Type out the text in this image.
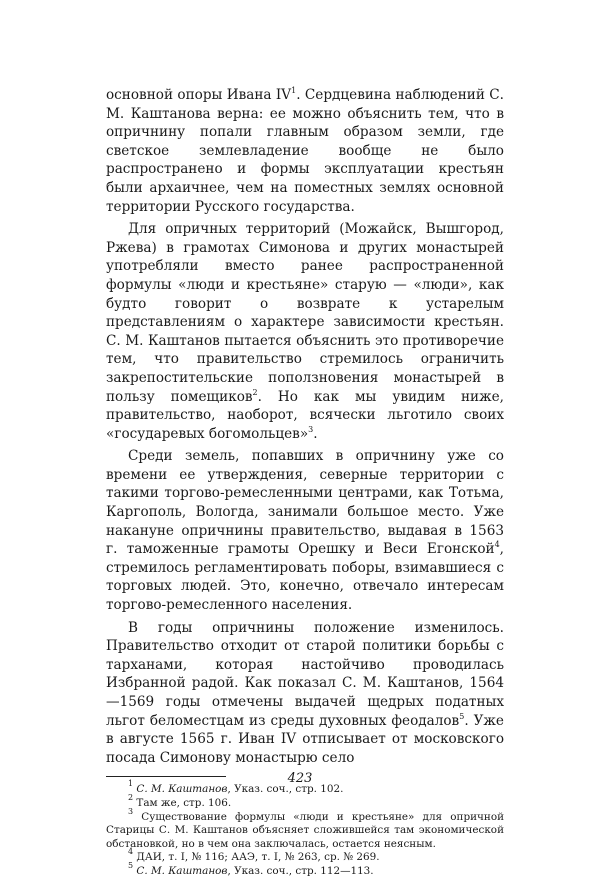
основной опоры Ивана $IV^1$. Сердцевина наблюдений С. М. Каштанова верна: ее можно объяснить тем, что в опричнину попали главным образом земли, где светское землевладение вообще не было распространено и формы эксплуатации крестьян были архаичнее, чем на поместных землях основной территории Русского государства.

Для опричных территорий (Можайск, Вышгород, Ржева) в грамотах Симонова и других монастырей употребляли вместо ранее распространенной формулы «люди и крестьяне» старую — «люди», как будто говорит о возврате к устарелым представлениям о характере зависимости крестьян. С. М. Каштанов пытается объяснить это противоречие тем, что правительство стремилось ограничить закрепостительские поползновения монастырей в пользу помещиков$^2$. Но как мы увидим ниже, правительство, наоборот, всячески льготило своих «государевых богомольцев»$^3$.

Среди земель, попавших в опричнину уже со времени ее утверждения, северные территории с такими торгово-ремесленными центрами, как Тотьма, Каргополь, Вологда, занимали большое место. Уже накануне опричнины правительство, выдавая в 1563 г. таможенные грамоты Орешку и Веси Егонской$^4$, стремилось регламентировать поборы, взимавшиеся с торговых людей. Это, конечно, отвечало интересам торгово-ремесленного населения.

В годы опричнины положение изменилось. Правительство отходит от старой политики борьбы с тарханами, которая настойчиво проводилась Избранной радой. Как показал С. М. Каштанов, 1564—1569 годы отмечены выдачей щедрых податных льгот беломестцам из среды духовных феодалов$^5$. Уже в августе 1565 г. Иван IV отписывает от московского посада Симонову монастырю село

$^1$ С. М. Каштанов, Указ. соч., стр. 102.

$^2$ Там же, стр. 106.

$^3$ Существование формулы «люди и крестьяне» для опричной Старицы С. М. Каштанов объясняет сложившейся там экономической обстановкой, но в чем она заключалась, остается неясным.

$^4$ ДАИ, т. I, № 116; ААЭ, т. I, № 263, ср. № 269.

$^5$ С. М. Каштанов, Указ. соч., стр. 112—113.

423
